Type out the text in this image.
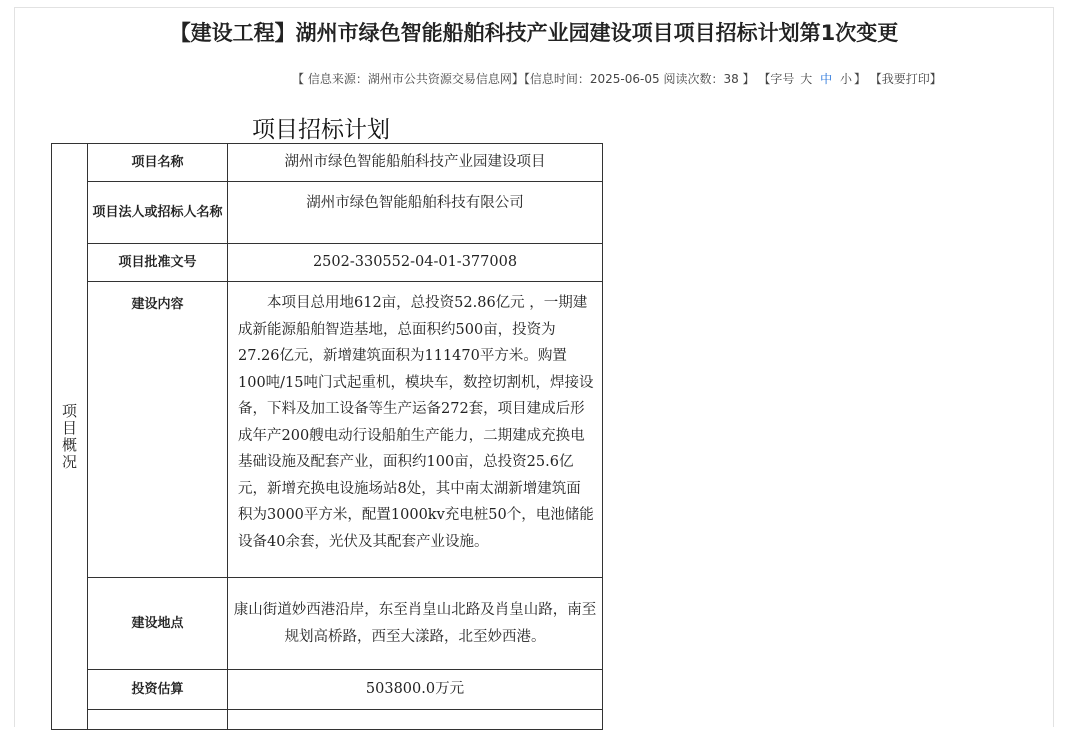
【建设工程】湖州市绿色智能船舶科技产业园建设项目项目招标计划第1次变更
【 信息来源：湖州市公共资源交易信息网】【信息时间：2025-06-05 阅读次数：38 】 【字号 大 中 小 】 【我要打印】
项目招标计划
项目概况	项目名称	湖州市绿色智能船舶科技产业园建设项目
	项目法人或招标人名称	湖州市绿色智能船舶科技有限公司
	项目批准文号	2502-330552-04-01-377008
	建设内容	本项目总用地612亩，总投资52.86亿元 ，一期建成新能源船舶智造基地，总面积约500亩，投资为27.26亿元，新增建筑面积为111470平方米。购置100吨/15吨门式起重机，模块车，数控切割机，焊接设备，下料及加工设备等生产运备272套，项目建成后形成年产200艘电动行设船舶生产能力，二期建成充换电基础设施及配套产业，面积约100亩，总投资25.6亿元，新增充换电设施场站8处，其中南太湖新增建筑面积为3000平方米，配置1000kv充电桩50个，电池储能设备40余套，光伏及其配套产业设施。
	建设地点	康山街道妙西港沿岸，东至肖皇山北路及肖皇山路，南至规划高桥路，西至大漾路，北至妙西港。
	投资估算	503800.0万元
